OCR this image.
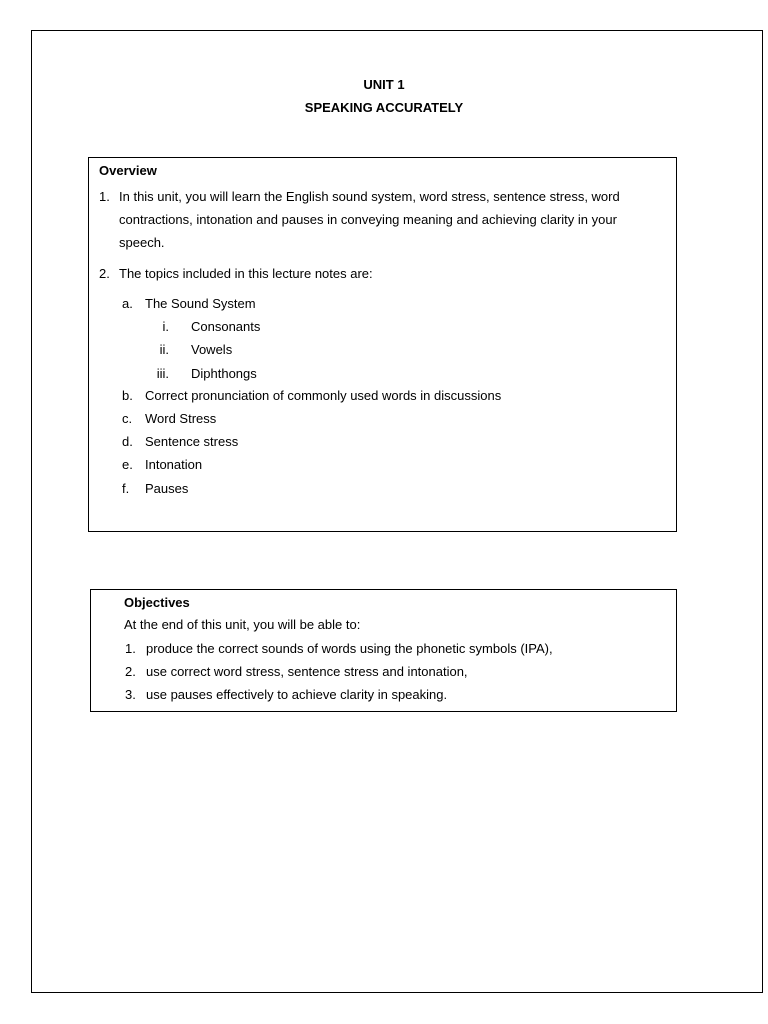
UNIT 1
SPEAKING ACCURATELY
Overview
1. In this unit, you will learn the English sound system, word stress, sentence stress, word
contractions, intonation and pauses in conveying meaning and achieving clarity in your
speech.
2. The topics included in this lecture notes are:
a. The Sound System
i. Consonants
ii. Vowels
iii. Diphthongs
b. Correct pronunciation of commonly used words in discussions
c. Word Stress
d. Sentence stress
e. Intonation
f. Pauses
Objectives
At the end of this unit, you will be able to:
1. produce the correct sounds of words using the phonetic symbols (IPA),
2. use correct word stress, sentence stress and intonation,
3. use pauses effectively to achieve clarity in speaking.
